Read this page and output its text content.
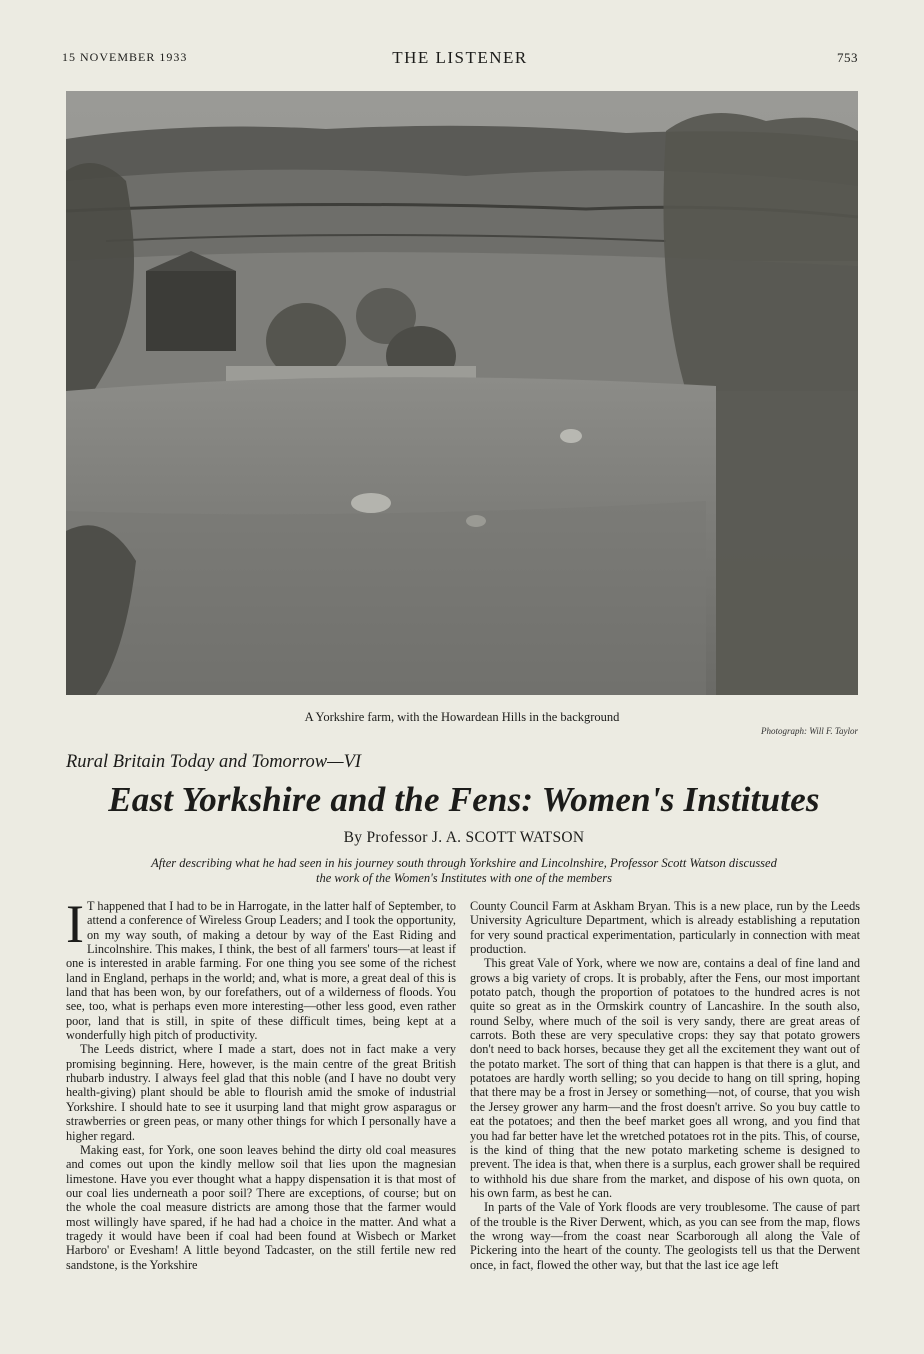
15 NOVEMBER 1933	THE LISTENER	753
A Yorkshire farm, with the Howardean Hills in the background
Photograph: Will F. Taylor
Rural Britain Today and Tomorrow—VI
East Yorkshire and the Fens: Women's Institutes
By Professor J. A. SCOTT WATSON
After describing what he had seen in his journey south through Yorkshire and Lincolnshire, Professor Scott Watson discussed
the work of the Women's Institutes with one of the members

I T happened that I had to be in Harrogate, in the latter half of September, to attend a conference of Wireless Group Leaders; and I took the opportunity, on my way south, of making a detour by way of the East Riding and Lincolnshire. This makes, I think, the best of all farmers' tours—at least if one is interested in arable farming. For one thing you see some of the richest land in England, perhaps in the world; and, what is more, a great deal of this is land that has been won, by our forefathers, out of a wilderness of floods. You see, too, what is perhaps even more interesting—other less good, even rather poor, land that is still, in spite of these difficult times, being kept at a wonderfully high pitch of productivity.

The Leeds district, where I made a start, does not in fact make a very promising beginning. Here, however, is the main centre of the great British rhubarb industry. I always feel glad that this noble (and I have no doubt very health-giving) plant should be able to flourish amid the smoke of industrial Yorkshire. I should hate to see it usurping land that might grow asparagus or strawberries or green peas, or many other things for which I personally have a higher regard.

Making east, for York, one soon leaves behind the dirty old coal measures and comes out upon the kindly mellow soil that lies upon the magnesian limestone. Have you ever thought what a happy dispensation it is that most of our coal lies underneath a poor soil? There are exceptions, of course; but on the whole the coal measure districts are among those that the farmer would most willingly have spared, if he had had a choice in the matter. And what a tragedy it would have been if coal had been found at Wisbech or Market Harboro' or Evesham! A little beyond Tadcaster, on the still fertile new red sandstone, is the Yorkshire

County Council Farm at Askham Bryan. This is a new place, run by the Leeds University Agriculture Department, which is already establishing a reputation for very sound practical experimentation, particularly in connection with meat production.

This great Vale of York, where we now are, contains a deal of fine land and grows a big variety of crops. It is probably, after the Fens, our most important potato patch, though the proportion of potatoes to the hundred acres is not quite so great as in the Ormskirk country of Lancashire. In the south also, round Selby, where much of the soil is very sandy, there are great areas of carrots. Both these are very speculative crops: they say that potato growers don't need to back horses, because they get all the excitement they want out of the potato market. The sort of thing that can happen is that there is a glut, and potatoes are hardly worth selling; so you decide to hang on till spring, hoping that there may be a frost in Jersey or something—not, of course, that you wish the Jersey grower any harm—and the frost doesn't arrive. So you buy cattle to eat the potatoes; and then the beef market goes all wrong, and you find that you had far better have let the wretched potatoes rot in the pits. This, of course, is the kind of thing that the new potato marketing scheme is designed to prevent. The idea is that, when there is a surplus, each grower shall be required to withhold his due share from the market, and dispose of his own quota, on his own farm, as best he can.

In parts of the Vale of York floods are very troublesome. The cause of part of the trouble is the River Derwent, which, as you can see from the map, flows the wrong way—from the coast near Scarborough all along the Vale of Pickering into the heart of the county. The geologists tell us that the Derwent once, in fact, flowed the other way, but that the last ice age left
